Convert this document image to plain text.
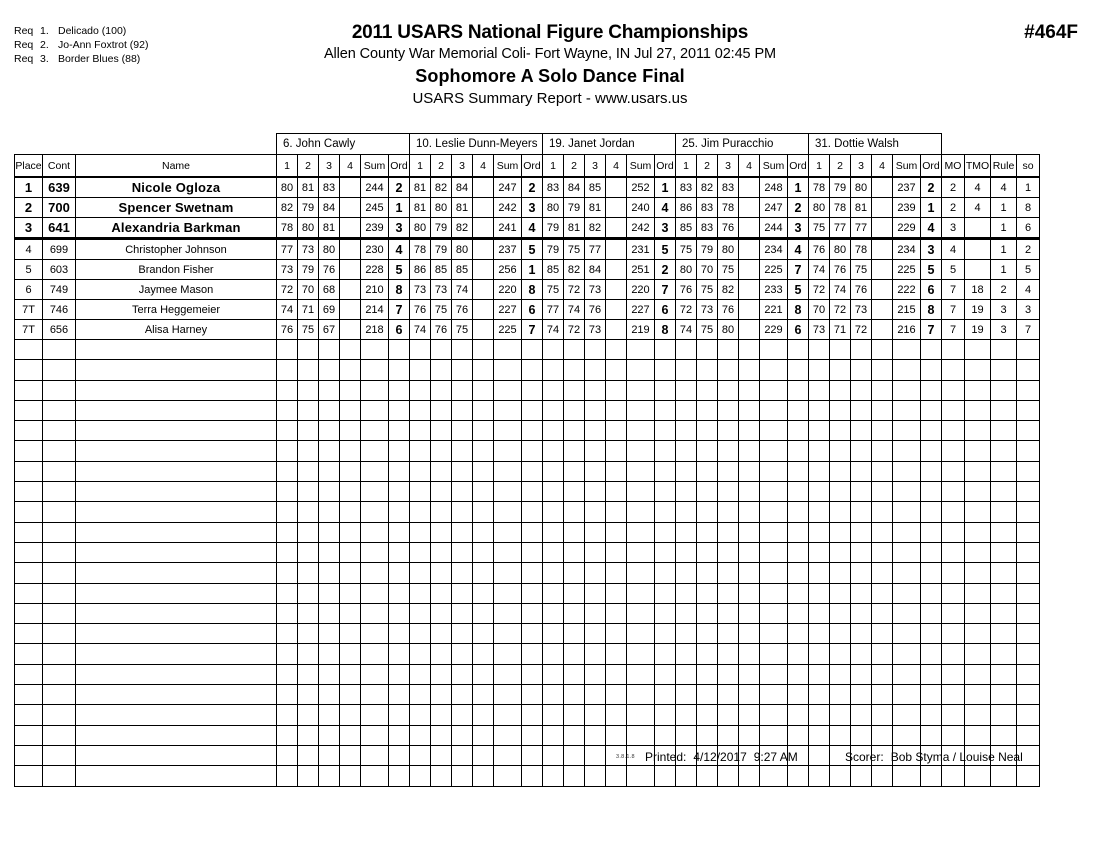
Req 1. Delicado (100)
Req 2. Jo-Ann Foxtrot (92)
Req 3. Border Blues (88)
2011 USARS National Figure Championships
Allen County War Memorial Coli- Fort Wayne, IN Jul 27, 2011 02:45 PM
Sophomore A Solo Dance Final
USARS Summary Report - www.usars.us
#464F
			6. John Cawly						10. Leslie Dunn-Meyers						19. Janet Jordan						25. Jim Puracchio						31. Dottie Walsh									
Place	Cont	Name	1	2	3	4	Sum	Ord	1	2	3	4	Sum	Ord	1	2	3	4	Sum	Ord	1	2	3	4	Sum	Ord	1	2	3	4	Sum	Ord	MO	TMO	Rule	so
1	639	Nicole Ogloza	80	81	83		244	2	81	82	84		247	2	83	84	85		252	1	83	82	83		248	1	78	79	80		237	2	2	4	4	1
2	700	Spencer Swetnam	82	79	84		245	1	81	80	81		242	3	80	79	81		240	4	86	83	78		247	2	80	78	81		239	1	2	4	1	8
3	641	Alexandria Barkman	78	80	81		239	3	80	79	82		241	4	79	81	82		242	3	85	83	76		244	3	75	77	77		229	4	3		1	6
4	699	Christopher Johnson	77	73	80		230	4	78	79	80		237	5	79	75	77		231	5	75	79	80		234	4	76	80	78		234	3	4		1	2
5	603	Brandon Fisher	73	79	76		228	5	86	85	85		256	1	85	82	84		251	2	80	70	75		225	7	74	76	75		225	5	5		1	5
6	749	Jaymee Mason	72	70	68		210	8	73	73	74		220	8	75	72	73		220	7	76	75	82		233	5	72	74	76		222	6	7	18	2	4
7T	746	Terra Heggemeier	74	71	69		214	7	76	75	76		227	6	77	74	76		227	6	72	73	76		221	8	70	72	73		215	8	7	19	3	3
7T	656	Alisa Harney	76	75	67		218	6	74	76	75		225	7	74	72	73		219	8	74	75	80		229	6	73	71	72		216	7	7	19	3	7

3.8.1.8 Printed: 4/12/2017 9:27 AM	Scorer: Bob Styma / Louise Neal
